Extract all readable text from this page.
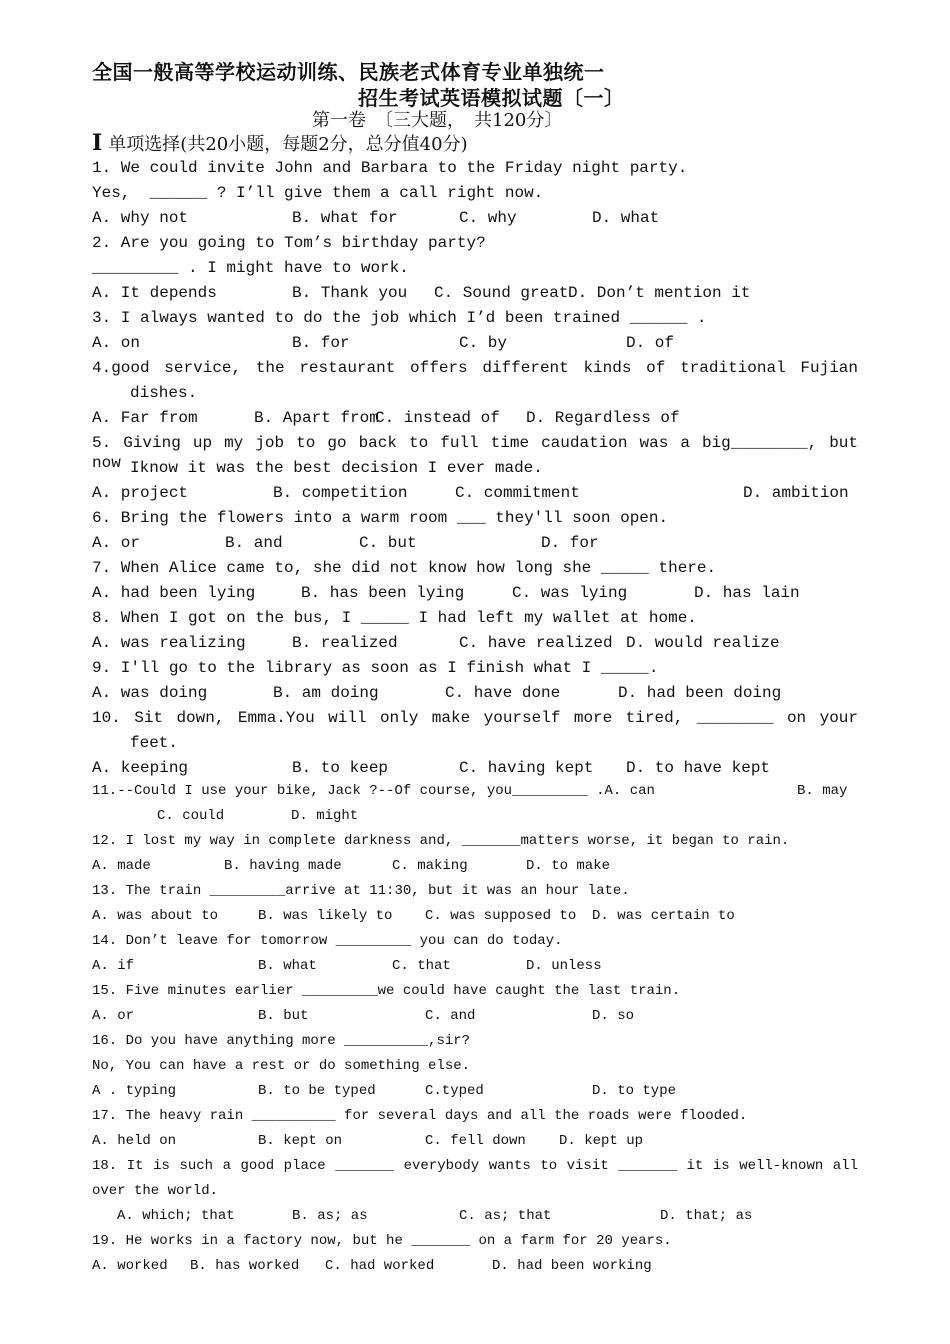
全国一般高等学校运动训练、民族老式体育专业单独统一
招生考试英语模拟试题〔一〕
第一卷　〔三大题，　共120分〕
Ⅰ 单项选择(共20小题，每题2分，总分值40分)
1. We could invite John and Barbara to the Friday night party.
Yes,  ______ ? I’ll give them a call right now.
A. why not	B. what for	C. why	D. what
2. Are you going to Tom’s birthday party?
_________ . I might have to work.
A. It depends	B. Thank you C. Sound great D. Don’t mention it
3. I always wanted to do the job which I’d been trained ______ .
A. on	B. for	C. by	D. of
4.good service, the restaurant offers different kinds of traditional Fujian
dishes.
A. Far from	B. Apart from
C. instead of D. Regardless of
5. Giving up my job to go back to full time caudation was a big________, but now Iknow it was the best decision I ever made.
A. project	B. competition	C. commitment	D. ambition
6. Bring the flowers into a warm room ___ they'll soon open.
A. or	B. and	C. but	D. for
7. When Alice came to, she did not know how long she _____ there.
A. had been lying	B. has been lying	C. was lying	D. has lain
8. When I got on the bus, I _____ I had left my wallet at home.
A. was realizing	B. realized	C. have realized D. would realize
9. I'll go to the library as soon as I finish what I _____.
A. was doing	B. am doing	C. have done	D. had been doing
10. Sit down, Emma.You will only make yourself more tired, ________ on your
feet.
A. keeping	B. to keep	C. having kept D. to have kept
11.--Could I use your bike, Jack ?--Of course, you_________ .A. can	B. may
C. could	D. might
12. I lost my way in complete darkness and, _______matters worse, it began to rain.
A. made	B. having made	C. making	D. to make
13. The train _________arrive at 11:30, but it was an hour late.
A. was about to	B. was likely to C. was supposed to D. was certain to
14. Don’t leave for tomorrow _________ you can do today.
A. if	B. what	C. that	D. unless
15. Five minutes earlier _________we could have caught the last train.
A. or	B. but	C. and	D. so
16. Do you have anything more __________,sir?
No, You can have a rest or do something else.
A . typing	B. to be typed	C.typed	D. to type
17. The heavy rain __________ for several days and all the roads were flooded.
A. held on	B. kept on	C. fell down D. kept up
18. It is such a good place _______ everybody wants to visit _______ it is well-known all
over the world.
A. which; that	B. as; as	C. as; that	D. that; as
19. He works in a factory now, but he _______ on a farm for 20 years.
A. worked B. has worked C. had worked	D. had been working
